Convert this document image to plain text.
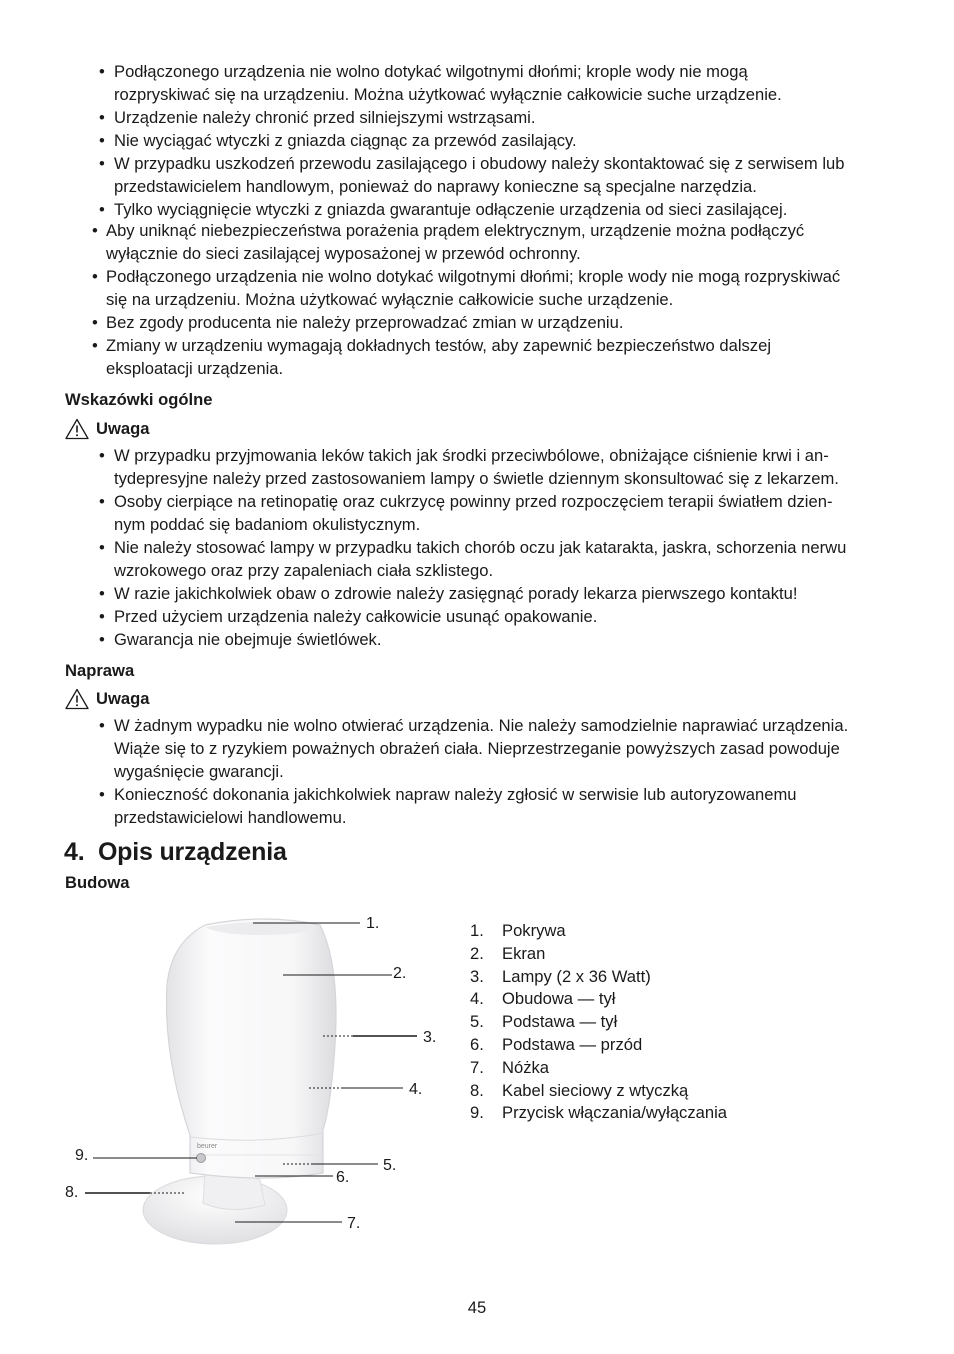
• Podłączonego urządzenia nie wolno dotykać wilgotnymi dłońmi; krople wody nie mogą
rozpryskiwać się na urządzeniu. Można użytkować wyłącznie całkowicie suche urządzenie.
• Urządzenie należy chronić przed silniejszymi wstrząsami.
• Nie wyciągać wtyczki z gniazda ciągnąc za przewód zasilający.
• W przypadku uszkodzeń przewodu zasilającego i obudowy należy skontaktować się z serwisem lub
przedstawicielem handlowym, ponieważ do naprawy konieczne są specjalne narzędzia.
• Tylko wyciągnięcie wtyczki z gniazda gwarantuje odłączenie urządzenia od sieci zasilającej.
• Aby uniknąć niebezpieczeństwa porażenia prądem elektrycznym, urządzenie można podłączyć
wyłącznie do sieci zasilającej wyposażonej w przewód ochronny.
• Podłączonego urządzenia nie wolno dotykać wilgotnymi dłońmi; krople wody nie mogą rozpryskiwać
się na urządzeniu. Można użytkować wyłącznie całkowicie suche urządzenie.
• Bez zgody producenta nie należy przeprowadzać zmian w urządzeniu.
• Zmiany w urządzeniu wymagają dokładnych testów, aby zapewnić bezpieczeństwo dalszej
eksploatacji urządzenia.
Wskazówki ogólne
Uwaga
• W przypadku przyjmowania leków takich jak środki przeciwbólowe, obniżające ciśnienie krwi i an-
tydepresyjne należy przed zastosowaniem lampy o świetle dziennym skonsultować się z lekarzem.
• Osoby cierpiące na retinopatię oraz cukrzycę powinny przed rozpoczęciem terapii światłem dzien-
nym poddać się badaniom okulistycznym.
• Nie należy stosować lampy w przypadku takich chorób oczu jak katarakta, jaskra, schorzenia nerwu
wzrokowego oraz przy zapaleniach ciała szklistego.
• W razie jakichkolwiek obaw o zdrowie należy zasięgnąć porady lekarza pierwszego kontaktu!
• Przed użyciem urządzenia należy całkowicie usunąć opakowanie.
• Gwarancja nie obejmuje świetlówek.
Naprawa
Uwaga
• W żadnym wypadku nie wolno otwierać urządzenia. Nie należy samodzielnie naprawiać urządzenia.
Wiąże się to z ryzykiem poważnych obrażeń ciała. Nieprzestrzeganie powyższych zasad powoduje
wygaśnięcie gwarancji.
• Konieczność dokonania jakichkolwiek napraw należy zgłosić w serwisie lub autoryzowanemu
przedstawicielowi handlowemu.
4.  Opis urządzenia
Budowa
beurer
1.
2.
3.
4.
5.
6.
7.
8.
9.
1.	Pokrywa
2.	Ekran
3.	Lampy (2 x 36 Watt)
4.	Obudowa — tył
5.	Podstawa — tył
6.	Podstawa — przód
7.	Nóżka
8.	Kabel sieciowy z wtyczką
9.	Przycisk włączania/wyłączania
45
